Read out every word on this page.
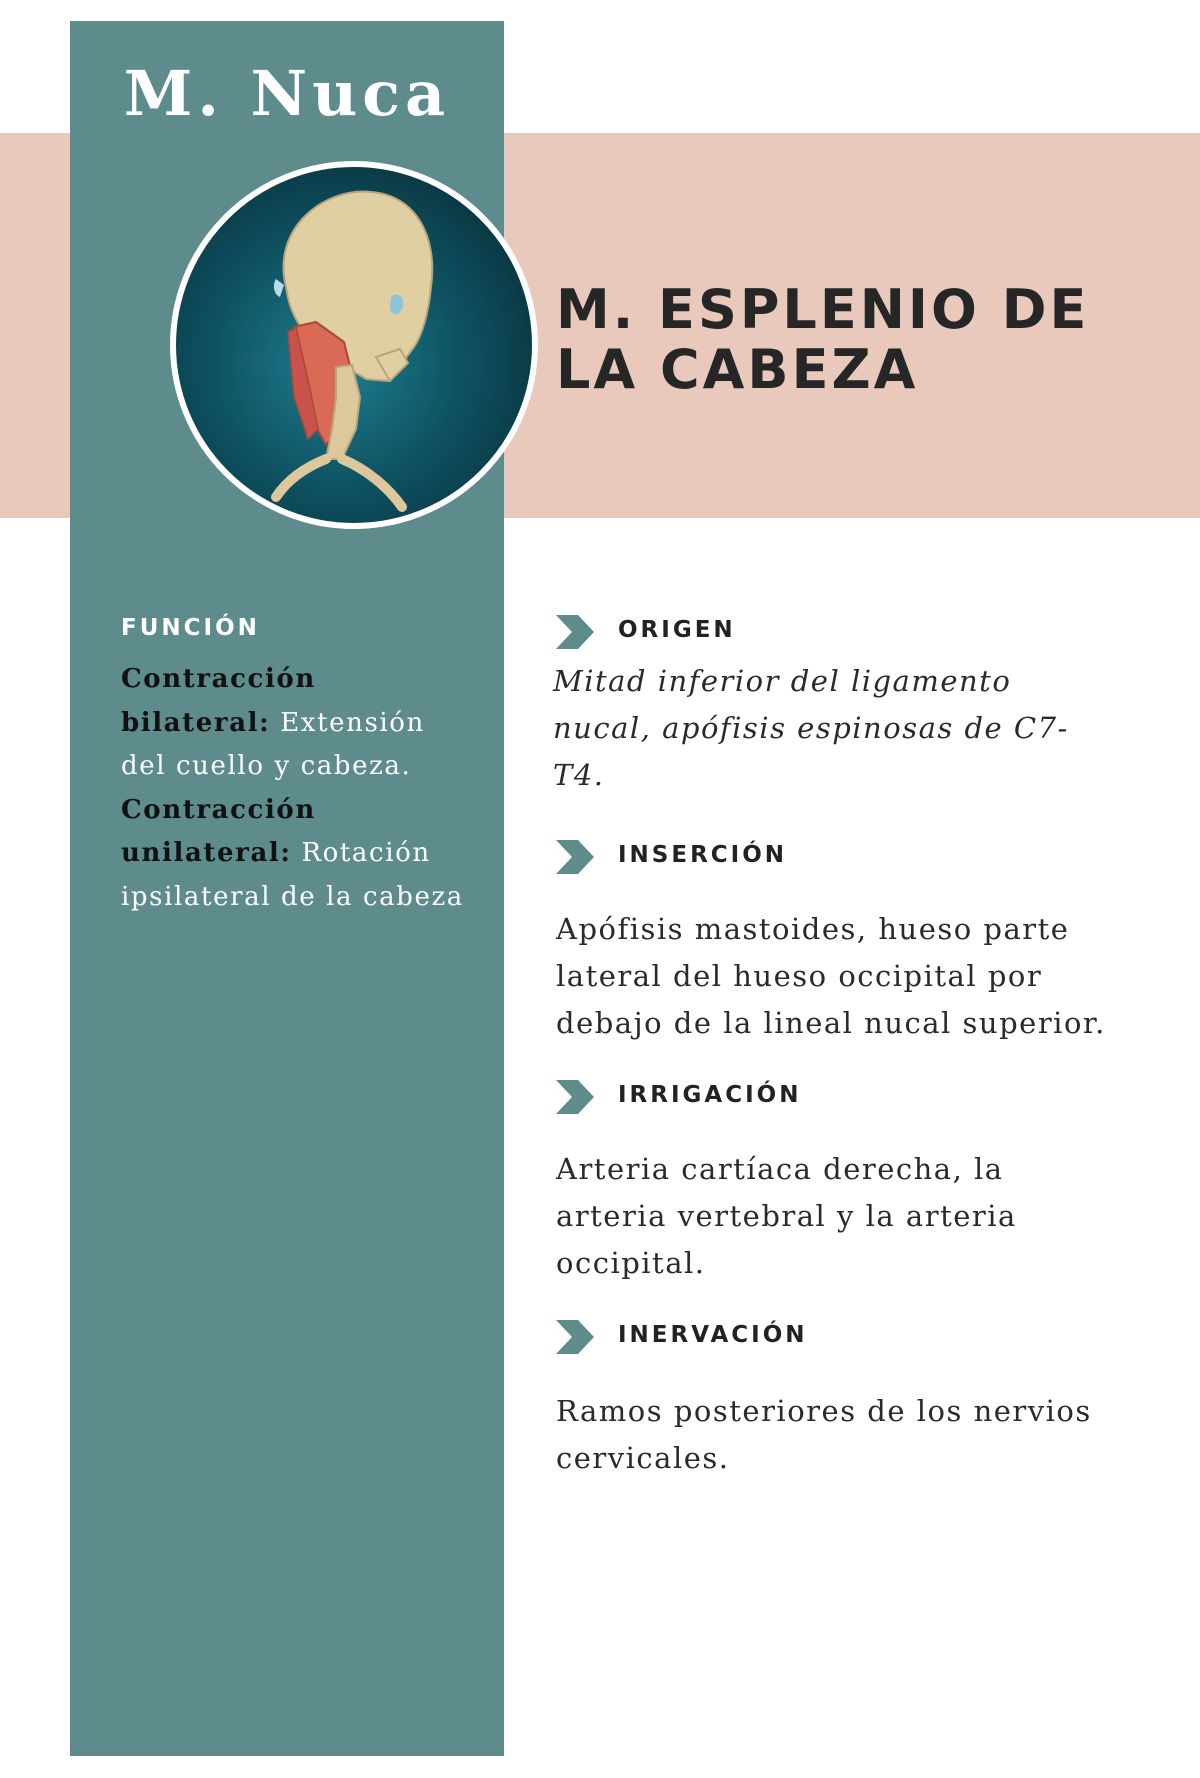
M. Nuca
M. ESPLENIO DE
LA CABEZA
FUNCIÓN
Contracción bilateral: Extensión del cuello y cabeza.
Contracción unilateral: Rotación ipsilateral de la cabeza
ORIGEN
Mitad inferior del ligamento nucal, apófisis espinosas de C7-T4.
INSERCIÓN
Apófisis mastoides, hueso parte lateral del hueso occipital por debajo de la lineal nucal superior.
IRRIGACIÓN
Arteria cartíaca derecha, la arteria vertebral y la arteria occipital.
INERVACIÓN
Ramos posteriores de los nervios cervicales.
